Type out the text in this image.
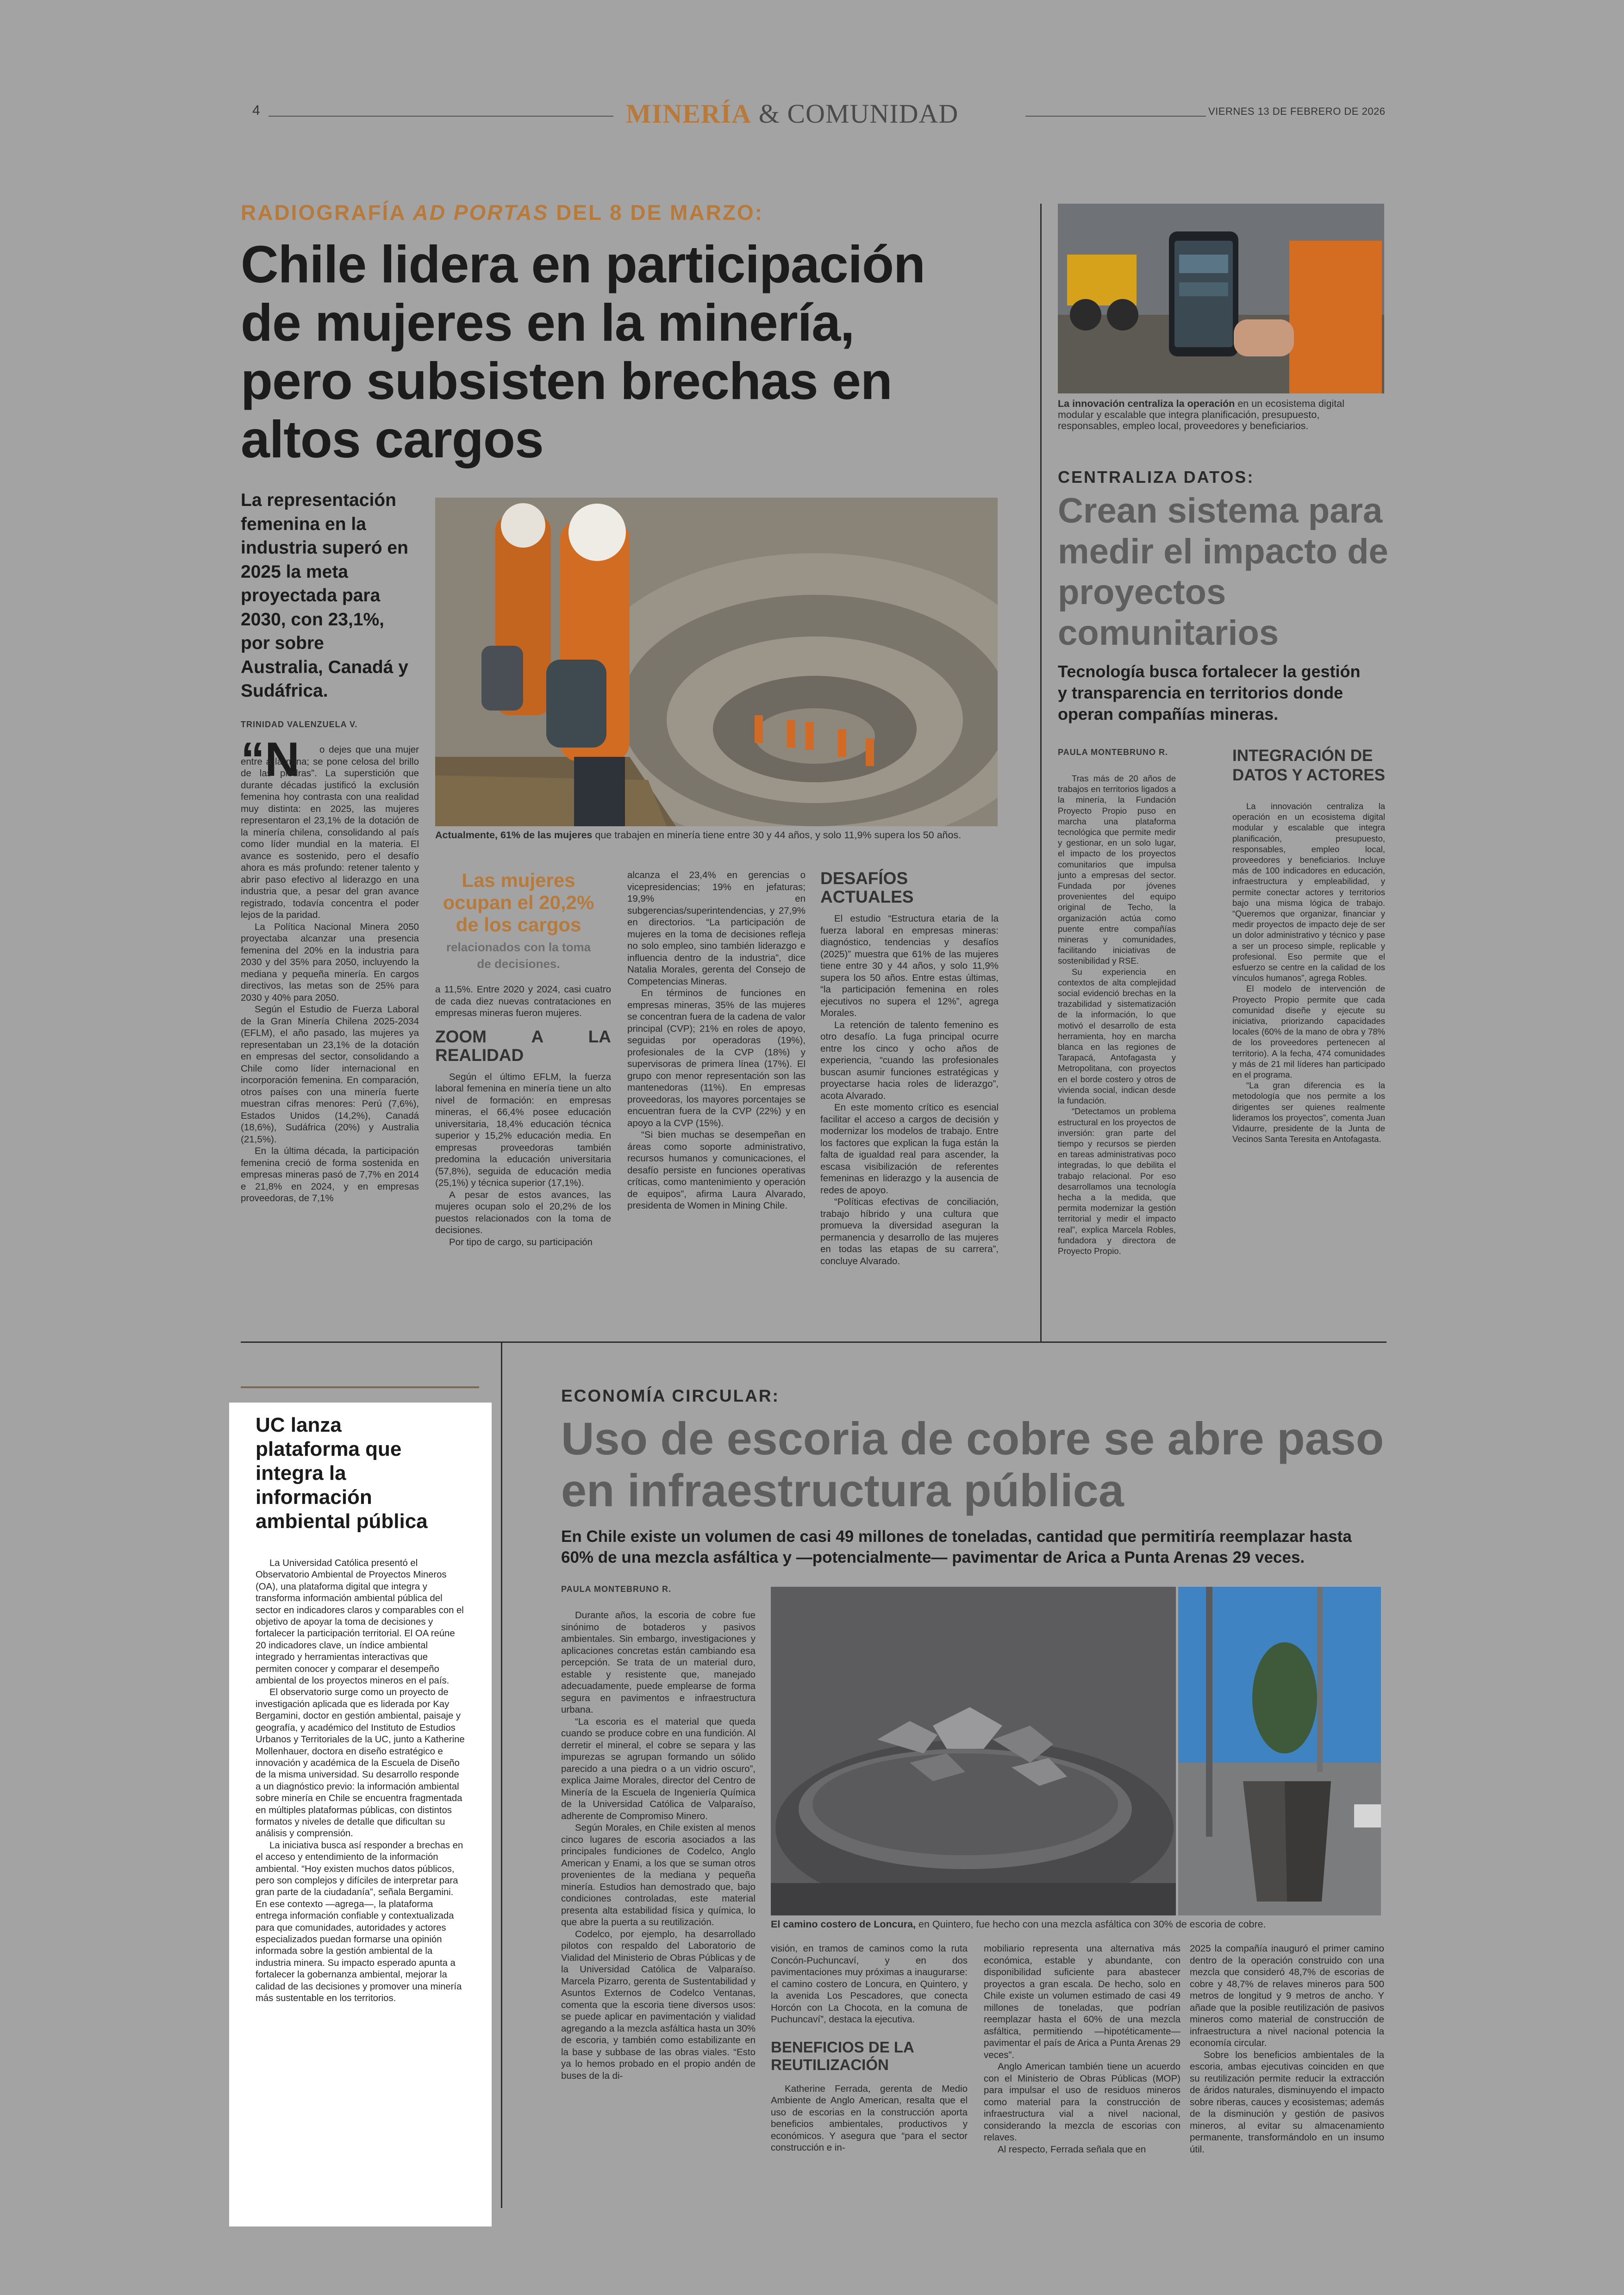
4	MINERÍA & COMUNIDAD	VIERNES 13 DE FEBRERO DE 2026
RADIOGRAFÍA AD PORTAS DEL 8 DE MARZO:
Chile lidera en participación
de mujeres en la minería,
pero subsisten brechas en
altos cargos
La representación
femenina en la
industria superó en
2025 la meta
proyectada para
2030, con 23,1%,
por sobre
Australia, Canadá y
Sudáfrica.
TRINIDAD VALENZUELA V.
Actualmente, 61% de las mujeres que trabajen en minería tiene entre 30 y 44 años, y solo 11,9% supera los 50 años.
“N	o dejes que una mujer entre a la mina; se pone celosa del brillo de las piedras”. La superstición que durante décadas justificó la exclusión femenina hoy contrasta con una realidad muy distinta: en 2025, las mujeres representaron el 23,1% de la dotación de la minería chilena, consolidando al país como líder mundial en la materia. El avance es sostenido, pero el desafío ahora es más profundo: retener talento y abrir paso efectivo al liderazgo en una industria que, a pesar del gran avance registrado, todavía concentra el poder lejos de la paridad.

La Política Nacional Minera 2050 proyectaba alcanzar una presencia femenina del 20% en la industria para 2030 y del 35% para 2050, incluyendo la mediana y pequeña minería. En cargos directivos, las metas son de 25% para 2030 y 40% para 2050.

Según el Estudio de Fuerza Laboral de la Gran Minería Chilena 2025-2034 (EFLM), el año pasado, las mujeres ya representaban un 23,1% de la dotación en empresas del sector, consolidando a Chile como líder internacional en incorporación femenina. En comparación, otros países con una minería fuerte muestran cifras menores: Perú (7,6%), Estados Unidos (14,2%), Canadá (18,6%), Sudáfrica (20%) y Australia (21,5%).

En la última década, la participación femenina creció de forma sostenida en empresas mineras pasó de 7,7% en 2014 e 21,8% en 2024, y en empresas proveedoras, de 7,1%

Las mujeres
ocupan el 20,2%
de los cargos
relacionados con la toma
de decisiones.

a 11,5%. Entre 2020 y 2024, casi cuatro de cada diez nuevas contrataciones en empresas mineras fueron mujeres.

ZOOM A LA REALIDAD

Según el último EFLM, la fuerza laboral femenina en minería tiene un alto nivel de formación: en empresas mineras, el 66,4% posee educación universitaria, 18,4% educación técnica superior y 15,2% educación media. En empresas proveedoras también predomina la educación universitaria (57,8%), seguida de educación media (25,1%) y técnica superior (17,1%).

A pesar de estos avances, las mujeres ocupan solo el 20,2% de los puestos relacionados con la toma de decisiones.

Por tipo de cargo, su participación

alcanza el 23,4% en gerencias o vicepresidencias; 19% en jefaturas; 19,9% en subgerencias/superintendencias, y 27,9% en directorios. “La participación de mujeres en la toma de decisiones refleja no solo empleo, sino también liderazgo e influencia dentro de la industria”, dice Natalia Morales, gerenta del Consejo de Competencias Mineras.

En términos de funciones en empresas mineras, 35% de las mujeres se concentran fuera de la cadena de valor principal (CVP); 21% en roles de apoyo, seguidas por operadoras (19%), profesionales de la CVP (18%) y supervisoras de primera línea (17%). El grupo con menor representación son las mantenedoras (11%). En empresas proveedoras, los mayores porcentajes se encuentran fuera de la CVP (22%) y en apoyo a la CVP (15%).

“Si bien muchas se desempeñan en áreas como soporte administrativo, recursos humanos y comunicaciones, el desafío persiste en funciones operativas críticas, como mantenimiento y operación de equipos”, afirma Laura Alvarado, presidenta de Women in Mining Chile.

DESAFÍOS ACTUALES

El estudio “Estructura etaria de la fuerza laboral en empresas mineras: diagnóstico, tendencias y desafíos (2025)” muestra que 61% de las mujeres tiene entre 30 y 44 años, y solo 11,9% supera los 50 años. Entre estas últimas, “la participación femenina en roles ejecutivos no supera el 12%”, agrega Morales.

La retención de talento femenino es otro desafío. La fuga principal ocurre entre los cinco y ocho años de experiencia, “cuando las profesionales buscan asumir funciones estratégicas y proyectarse hacia roles de liderazgo”, acota Alvarado.

En este momento crítico es esencial facilitar el acceso a cargos de decisión y modernizar los modelos de trabajo. Entre los factores que explican la fuga están la falta de igualdad real para ascender, la escasa visibilización de referentes femeninas en liderazgo y la ausencia de redes de apoyo.

“Políticas efectivas de conciliación, trabajo híbrido y una cultura que promueva la diversidad aseguran la permanencia y desarrollo de las mujeres en todas las etapas de su carrera”, concluye Alvarado.

La innovación centraliza la operación en un ecosistema digital modular y escalable que integra planificación, presupuesto, responsables, empleo local, proveedores y beneficiarios.
CENTRALIZA DATOS:
Crean sistema para
medir el impacto de
proyectos
comunitarios
Tecnología busca fortalecer la gestión
y transparencia en territorios donde
operan compañías mineras.
PAULA MONTEBRUNO R.

Tras más de 20 años de trabajos en territorios ligados a la minería, la Fundación Proyecto Propio puso en marcha una plataforma tecnológica que permite medir y gestionar, en un solo lugar, el impacto de los proyectos comunitarios que impulsa junto a empresas del sector. Fundada por jóvenes provenientes del equipo original de Techo, la organización actúa como puente entre compañías mineras y comunidades, facilitando iniciativas de sostenibilidad y RSE.

Su experiencia en contextos de alta complejidad social evidenció brechas en la trazabilidad y sistematización de la información, lo que motivó el desarrollo de esta herramienta, hoy en marcha blanca en las regiones de Tarapacá, Antofagasta y Metropolitana, con proyectos en el borde costero y otros de vivienda social, indican desde la fundación.

“Detectamos un problema estructural en los proyectos de inversión: gran parte del tiempo y recursos se pierden en tareas administrativas poco integradas, lo que debilita el trabajo relacional. Por eso desarrollamos una tecnología hecha a la medida, que permita modernizar la gestión territorial y medir el impacto real”, explica Marcela Robles, fundadora y directora de Proyecto Propio.

INTEGRACIÓN DE
DATOS Y ACTORES

La innovación centraliza la operación en un ecosistema digital modular y escalable que integra planificación, presupuesto, responsables, empleo local, proveedores y beneficiarios. Incluye más de 100 indicadores en educación, infraestructura y empleabilidad, y permite conectar actores y territorios bajo una misma lógica de trabajo. “Queremos que organizar, financiar y medir proyectos de impacto deje de ser un dolor administrativo y técnico y pase a ser un proceso simple, replicable y profesional. Eso permite que el esfuerzo se centre en la calidad de los vínculos humanos”, agrega Robles.

El modelo de intervención de Proyecto Propio permite que cada comunidad diseñe y ejecute su iniciativa, priorizando capacidades locales (60% de la mano de obra y 78% de los proveedores pertenecen al territorio). A la fecha, 474 comunidades y más de 21 mil líderes han participado en el programa.

“La gran diferencia es la metodología que nos permite a los dirigentes ser quienes realmente lideramos los proyectos”, comenta Juan Vidaurre, presidente de la Junta de Vecinos Santa Teresita en Antofagasta.

UC lanza
plataforma que
integra la
información
ambiental pública

La Universidad Católica presentó el Observatorio Ambiental de Proyectos Mineros (OA), una plataforma digital que integra y transforma información ambiental pública del sector en indicadores claros y comparables con el objetivo de apoyar la toma de decisiones y fortalecer la participación territorial. El OA reúne 20 indicadores clave, un índice ambiental integrado y herramientas interactivas que permiten conocer y comparar el desempeño ambiental de los proyectos mineros en el país.

El observatorio surge como un proyecto de investigación aplicada que es liderada por Kay Bergamini, doctor en gestión ambiental, paisaje y geografía, y académico del Instituto de Estudios Urbanos y Territoriales de la UC, junto a Katherine Mollenhauer, doctora en diseño estratégico e innovación y académica de la Escuela de Diseño de la misma universidad. Su desarrollo responde a un diagnóstico previo: la información ambiental sobre minería en Chile se encuentra fragmentada en múltiples plataformas públicas, con distintos formatos y niveles de detalle que dificultan su análisis y comprensión.

La iniciativa busca así responder a brechas en el acceso y entendimiento de la información ambiental. “Hoy existen muchos datos públicos, pero son complejos y difíciles de interpretar para gran parte de la ciudadanía”, señala Bergamini. En ese contexto —agrega—, la plataforma entrega información confiable y contextualizada para que comunidades, autoridades y actores especializados puedan formarse una opinión informada sobre la gestión ambiental de la industria minera. Su impacto esperado apunta a fortalecer la gobernanza ambiental, mejorar la calidad de las decisiones y promover una minería más sustentable en los territorios.

ECONOMÍA CIRCULAR:
Uso de escoria de cobre se abre paso
en infraestructura pública
En Chile existe un volumen de casi 49 millones de toneladas, cantidad que permitiría reemplazar hasta
60% de una mezcla asfáltica y —potencialmente— pavimentar de Arica a Punta Arenas 29 veces.
PAULA MONTEBRUNO R.

Durante años, la escoria de cobre fue sinónimo de botaderos y pasivos ambientales. Sin embargo, investigaciones y aplicaciones concretas están cambiando esa percepción. Se trata de un material duro, estable y resistente que, manejado adecuadamente, puede emplearse de forma segura en pavimentos e infraestructura urbana.

“La escoria es el material que queda cuando se produce cobre en una fundición. Al derretir el mineral, el cobre se separa y las impurezas se agrupan formando un sólido parecido a una piedra o a un vidrio oscuro”, explica Jaime Morales, director del Centro de Minería de la Escuela de Ingeniería Química de la Universidad Católica de Valparaíso, adherente de Compromiso Minero.

Según Morales, en Chile existen al menos cinco lugares de escoria asociados a las principales fundiciones de Codelco, Anglo American y Enami, a los que se suman otros provenientes de la mediana y pequeña minería. Estudios han demostrado que, bajo condiciones controladas, este material presenta alta estabilidad física y química, lo que abre la puerta a su reutilización.

Codelco, por ejemplo, ha desarrollado pilotos con respaldo del Laboratorio de Vialidad del Ministerio de Obras Públicas y de la Universidad Católica de Valparaíso. Marcela Pizarro, gerenta de Sustentabilidad y Asuntos Externos de Codelco Ventanas, comenta que la escoria tiene diversos usos: se puede aplicar en pavimentación y vialidad agregando a la mezcla asfáltica hasta un 30% de escoria, y también como estabilizante en la base y subbase de las obras viales. “Esto ya lo hemos probado en el propio andén de buses de la di-

El camino costero de Loncura, en Quintero, fue hecho con una mezcla asfáltica con 30% de escoria de cobre.

visión, en tramos de caminos como la ruta Concón-Puchuncaví, y en dos pavimentaciones muy próximas a inaugurarse: el camino costero de Loncura, en Quintero, y la avenida Los Pescadores, que conecta Horcón con La Chocota, en la comuna de Puchuncaví”, destaca la ejecutiva.

BENEFICIOS DE LA
REUTILIZACIÓN

Katherine Ferrada, gerenta de Medio Ambiente de Anglo American, resalta que el uso de escorias en la construcción aporta beneficios ambientales, productivos y económicos. Y asegura que “para el sector construcción e in-

mobiliario representa una alternativa más económica, estable y abundante, con disponibilidad suficiente para abastecer proyectos a gran escala. De hecho, solo en Chile existe un volumen estimado de casi 49 millones de toneladas, que podrían reemplazar hasta el 60% de una mezcla asfáltica, permitiendo —hipotéticamente— pavimentar el país de Arica a Punta Arenas 29 veces”.

Anglo American también tiene un acuerdo con el Ministerio de Obras Públicas (MOP) para impulsar el uso de residuos mineros como material para la construcción de infraestructura vial a nivel nacional, considerando la mezcla de escorias con relaves.

Al respecto, Ferrada señala que en

2025 la compañía inauguró el primer camino dentro de la operación construido con una mezcla que consideró 48,7% de escorias de cobre y 48,7% de relaves mineros para 500 metros de longitud y 9 metros de ancho. Y añade que la posible reutilización de pasivos mineros como material de construcción de infraestructura a nivel nacional potencia la economía circular.

Sobre los beneficios ambientales de la escoria, ambas ejecutivas coinciden en que su reutilización permite reducir la extracción de áridos naturales, disminuyendo el impacto sobre riberas, cauces y ecosistemas; además de la disminución y gestión de pasivos mineros, al evitar su almacenamiento permanente, transformándolo en un insumo útil.
